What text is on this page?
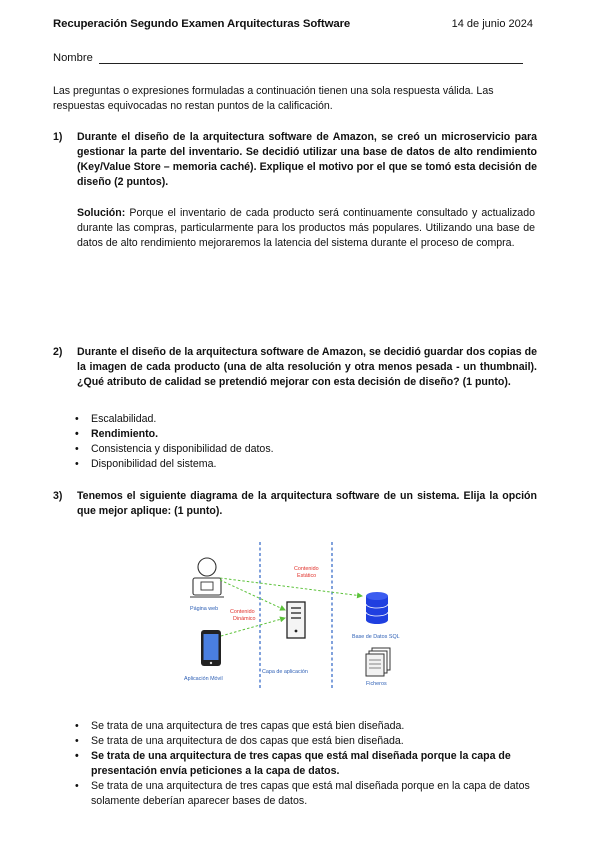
Recuperación Segundo Examen Arquitecturas Software	14 de junio 2024
Nombre

Las preguntas o expresiones formuladas a continuación tienen una sola respuesta válida. Las respuestas equivocadas no restan puntos de la calificación.

1) Durante el diseño de la arquitectura software de Amazon, se creó un microservicio para gestionar la parte del inventario. Se decidió utilizar una base de datos de alto rendimiento (Key/Value Store – memoria caché). Explique el motivo por el que se tomó esta decisión de diseño (2 puntos).

Solución: Porque el inventario de cada producto será continuamente consultado y actualizado durante las compras, particularmente para los productos más populares. Utilizando una base de datos de alto rendimiento mejoraremos la latencia del sistema durante el proceso de compra.

2) Durante el diseño de la arquitectura software de Amazon, se decidió guardar dos copias de la imagen de cada producto (una de alta resolución y otra menos pesada - un thumbnail). ¿Qué atributo de calidad se pretendió mejorar con esta decisión de diseño? (1 punto).

• Escalabilidad.
• Rendimiento.
• Consistencia y disponibilidad de datos.
• Disponibilidad del sistema.
3) Tenemos el siguiente diagrama de la arquitectura software de un sistema. Elija la opción que mejor aplique: (1 punto).

Página web
Aplicación Móvil
Capa de aplicación
Base de Datos SQL
Ficheros
Contenido
Estático
Contenido
Dinámico
• Se trata de una arquitectura de tres capas que está bien diseñada.
• Se trata de una arquitectura de dos capas que está bien diseñada.
• Se trata de una arquitectura de tres capas que está mal diseñada porque la capa de presentación envía peticiones a la capa de datos.
• Se trata de una arquitectura de tres capas que está mal diseñada porque en la capa de datos solamente deberían aparecer bases de datos.
